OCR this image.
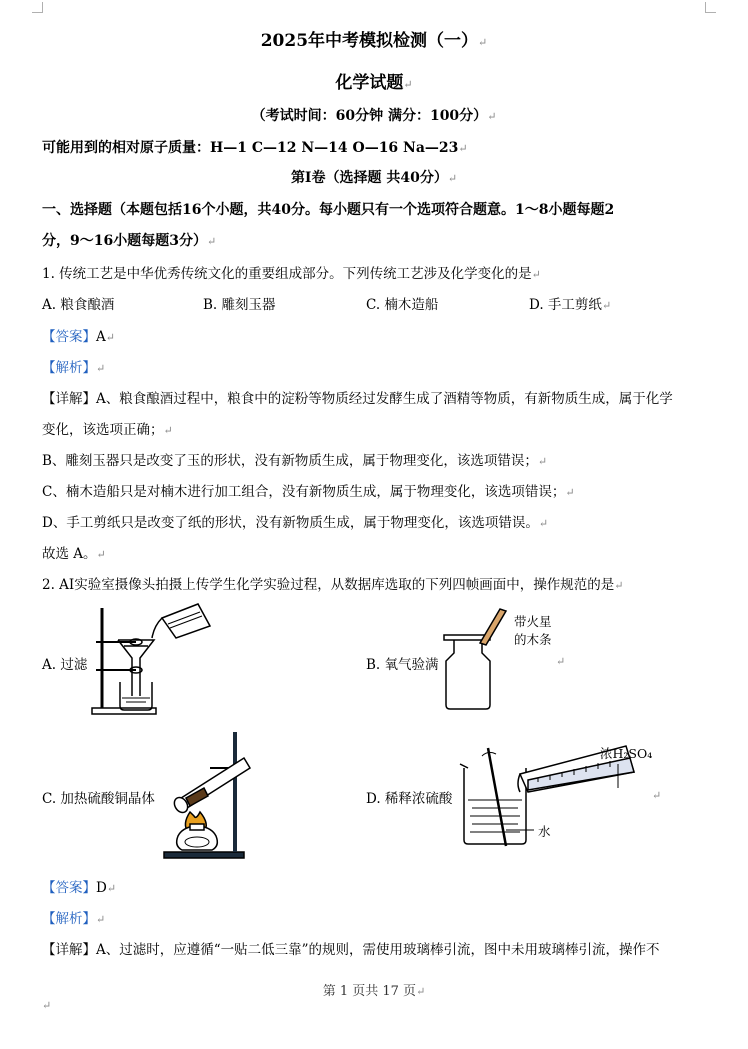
2025年中考模拟检测（一）↵
化学试题↵
（考试时间：60分钟 满分：100分）↵
可能用到的相对原子质量：H—1 C—12 N—14 O—16 Na—23↵
第Ⅰ卷（选择题 共40分）↵
一、选择题（本题包括16个小题，共40分。每小题只有一个选项符合题意。1～8小题每题2
分，9～16小题每题3分）↵
1. 传统工艺是中华优秀传统文化的重要组成部分。下列传统工艺涉及化学变化的是↵
A. 粮食酿酒	B. 雕刻玉器	C. 楠木造船	D. 手工剪纸↵
【答案】A↵
【解析】↵
【详解】A、粮食酿酒过程中，粮食中的淀粉等物质经过发酵生成了酒精等物质，有新物质生成，属于化学
变化，该选项正确；↵
B、雕刻玉器只是改变了玉的形状，没有新物质生成，属于物理变化，该选项错误；↵
C、楠木造船只是对楠木进行加工组合，没有新物质生成，属于物理变化，该选项错误；↵
D、手工剪纸只是改变了纸的形状，没有新物质生成，属于物理变化，该选项错误。↵
故选 A。↵
2. AI实验室摄像头拍摄上传学生化学实验过程，从数据库选取的下列四帧画面中，操作规范的是↵
A. 过滤
带火星
的木条
B. 氧气验满	↵
C. 加热硫酸铜晶体
浓H₂SO₄
水
D. 稀释浓硫酸	↵
【答案】D↵
【解析】↵
【详解】A、过滤时，应遵循“一贴二低三靠”的规则，需使用玻璃棒引流，图中未用玻璃棒引流，操作不
第 1 页共 17 页↵
↵
